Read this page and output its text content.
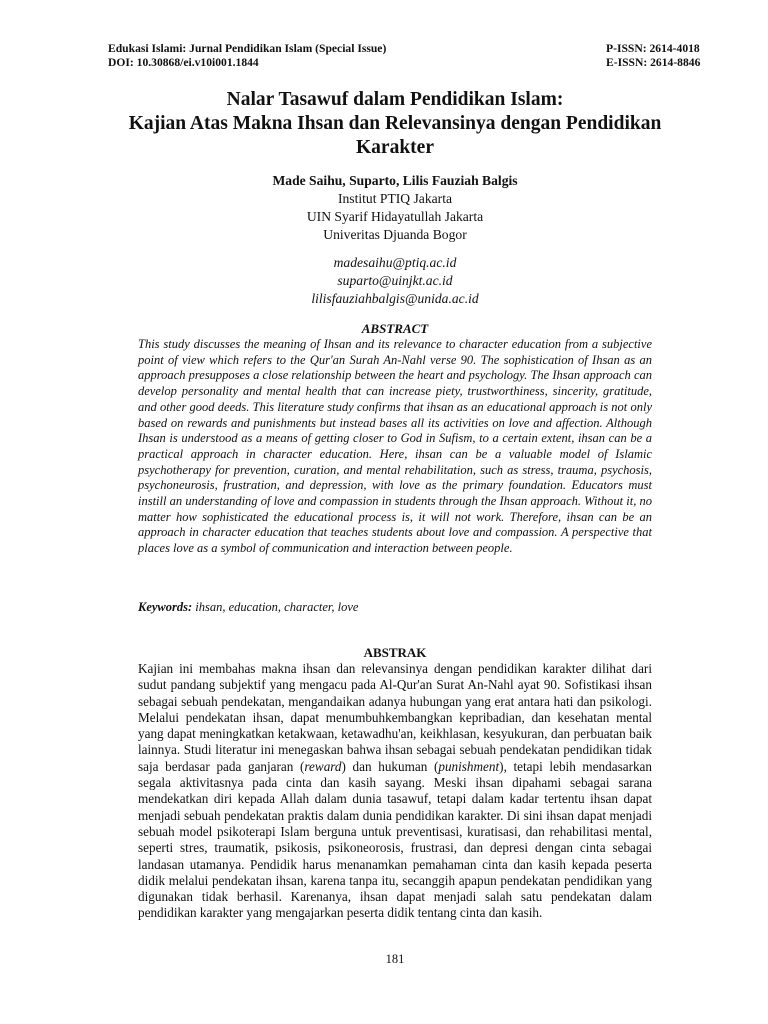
Edukasi Islami: Jurnal Pendidikan Islam (Special Issue)	P-ISSN: 2614-4018
DOI: 10.30868/ei.v10i001.1844	E-ISSN: 2614-8846
Nalar Tasawuf dalam Pendidikan Islam:
Kajian Atas Makna Ihsan dan Relevansinya dengan Pendidikan
Karakter
Made Saihu, Suparto, Lilis Fauziah Balgis
Institut PTIQ Jakarta
UIN Syarif Hidayatullah Jakarta
Univeritas Djuanda Bogor
madesaihu@ptiq.ac.id
suparto@uinjkt.ac.id
lilisfauziahbalgis@unida.ac.id
ABSTRACT

This study discusses the meaning of Ihsan and its relevance to character education from a subjective point of view which refers to the Qur'an Surah An-Nahl verse 90. The sophistication of Ihsan as an approach presupposes a close relationship between the heart and psychology. The Ihsan approach can develop personality and mental health that can increase piety, trustworthiness, sincerity, gratitude, and other good deeds. This literature study confirms that ihsan as an educational approach is not only based on rewards and punishments but instead bases all its activities on love and affection. Although Ihsan is understood as a means of getting closer to God in Sufism, to a certain extent, ihsan can be a practical approach in character education. Here, ihsan can be a valuable model of Islamic psychotherapy for prevention, curation, and mental rehabilitation, such as stress, trauma, psychosis, psychoneurosis, frustration, and depression, with love as the primary foundation. Educators must instill an understanding of love and compassion in students through the Ihsan approach. Without it, no matter how sophisticated the educational process is, it will not work. Therefore, ihsan can be an approach in character education that teaches students about love and compassion. A perspective that places love as a symbol of communication and interaction between people.

Keywords: ihsan, education, character, love
ABSTRAK

Kajian ini membahas makna ihsan dan relevansinya dengan pendidikan karakter dilihat dari sudut pandang subjektif yang mengacu pada Al-Qur'an Surat An-Nahl ayat 90. Sofistikasi ihsan sebagai sebuah pendekatan, mengandaikan adanya hubungan yang erat antara hati dan psikologi. Melalui pendekatan ihsan, dapat menumbuhkembangkan kepribadian, dan kesehatan mental yang dapat meningkatkan ketakwaan, ketawadhu'an, keikhlasan, kesyukuran, dan perbuatan baik lainnya. Studi literatur ini menegaskan bahwa ihsan sebagai sebuah pendekatan pendidikan tidak saja berdasar pada ganjaran (reward) dan hukuman (punishment), tetapi lebih mendasarkan segala aktivitasnya pada cinta dan kasih sayang. Meski ihsan dipahami sebagai sarana mendekatkan diri kepada Allah dalam dunia tasawuf, tetapi dalam kadar tertentu ihsan dapat menjadi sebuah pendekatan praktis dalam dunia pendidikan karakter. Di sini ihsan dapat menjadi sebuah model psikoterapi Islam berguna untuk preventisasi, kuratisasi, dan rehabilitasi mental, seperti stres, traumatik, psikosis, psikoneorosis, frustrasi, dan depresi dengan cinta sebagai landasan utamanya. Pendidik harus menanamkan pemahaman cinta dan kasih kepada peserta didik melalui pendekatan ihsan, karena tanpa itu, secanggih apapun pendekatan pendidikan yang digunakan tidak berhasil. Karenanya, ihsan dapat menjadi salah satu pendekatan dalam pendidikan karakter yang mengajarkan peserta didik tentang cinta dan kasih.

181
